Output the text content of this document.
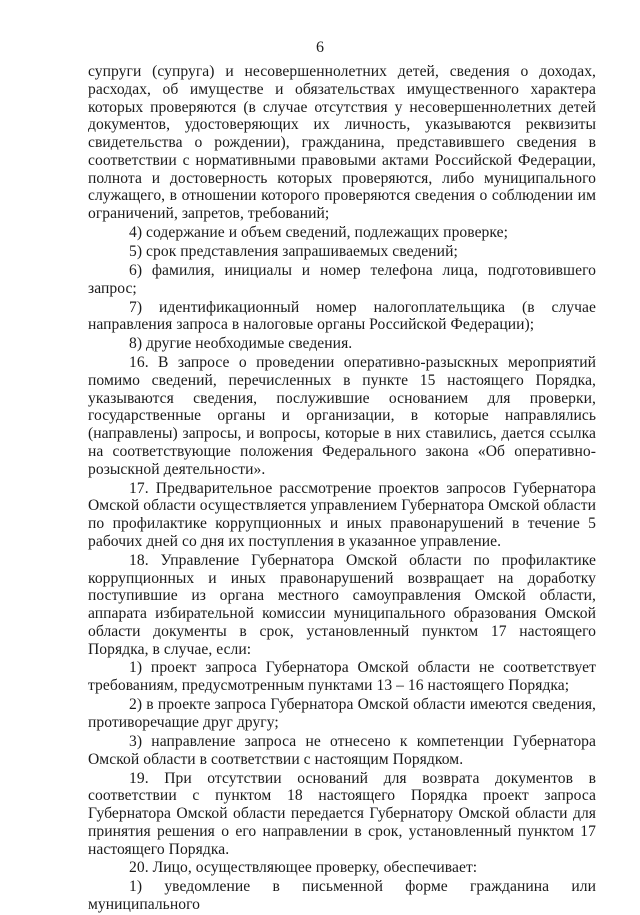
6

супруги (супруга) и несовершеннолетних детей, сведения о доходах, расходах, об имуществе и обязательствах имущественного характера которых проверяются (в случае отсутствия у несовершеннолетних детей документов, удостоверяющих их личность, указываются реквизиты свидетельства о рождении), гражданина, представившего сведения в соответствии с нормативными правовыми актами Российской Федерации, полнота и достоверность которых проверяются, либо муниципального служащего, в отношении которого проверяются сведения о соблюдении им ограничений, запретов, требований;

4) содержание и объем сведений, подлежащих проверке;

5) срок представления запрашиваемых сведений;

6) фамилия, инициалы и номер телефона лица, подготовившего запрос;

7) идентификационный номер налогоплательщика (в случае направления запроса в налоговые органы Российской Федерации);

8) другие необходимые сведения.

16. В запросе о проведении оперативно-разыскных мероприятий помимо сведений, перечисленных в пункте 15 настоящего Порядка, указываются сведения, послужившие основанием для проверки, государственные органы и организации, в которые направлялись (направлены) запросы, и вопросы, которые в них ставились, дается ссылка на соответствующие положения Федерального закона «Об оперативно-розыскной деятельности».

17. Предварительное рассмотрение проектов запросов Губернатора Омской области осуществляется управлением Губернатора Омской области по профилактике коррупционных и иных правонарушений в течение 5 рабочих дней со дня их поступления в указанное управление.

18. Управление Губернатора Омской области по профилактике коррупционных и иных правонарушений возвращает на доработку поступившие из органа местного самоуправления Омской области, аппарата избирательной комиссии муниципального образования Омской области документы в срок, установленный пунктом 17 настоящего Порядка, в случае, если:

1) проект запроса Губернатора Омской области не соответствует требованиям, предусмотренным пунктами 13 – 16 настоящего Порядка;

2) в проекте запроса Губернатора Омской области имеются сведения, противоречащие друг другу;

3) направление запроса не отнесено к компетенции Губернатора Омской области в соответствии с настоящим Порядком.

19. При отсутствии оснований для возврата документов в соответствии с пунктом 18 настоящего Порядка проект запроса Губернатора Омской области передается Губернатору Омской области для принятия решения о его направлении в срок, установленный пунктом 17 настоящего Порядка.

20. Лицо, осуществляющее проверку, обеспечивает:

1) уведомление в письменной форме гражданина или муниципального
